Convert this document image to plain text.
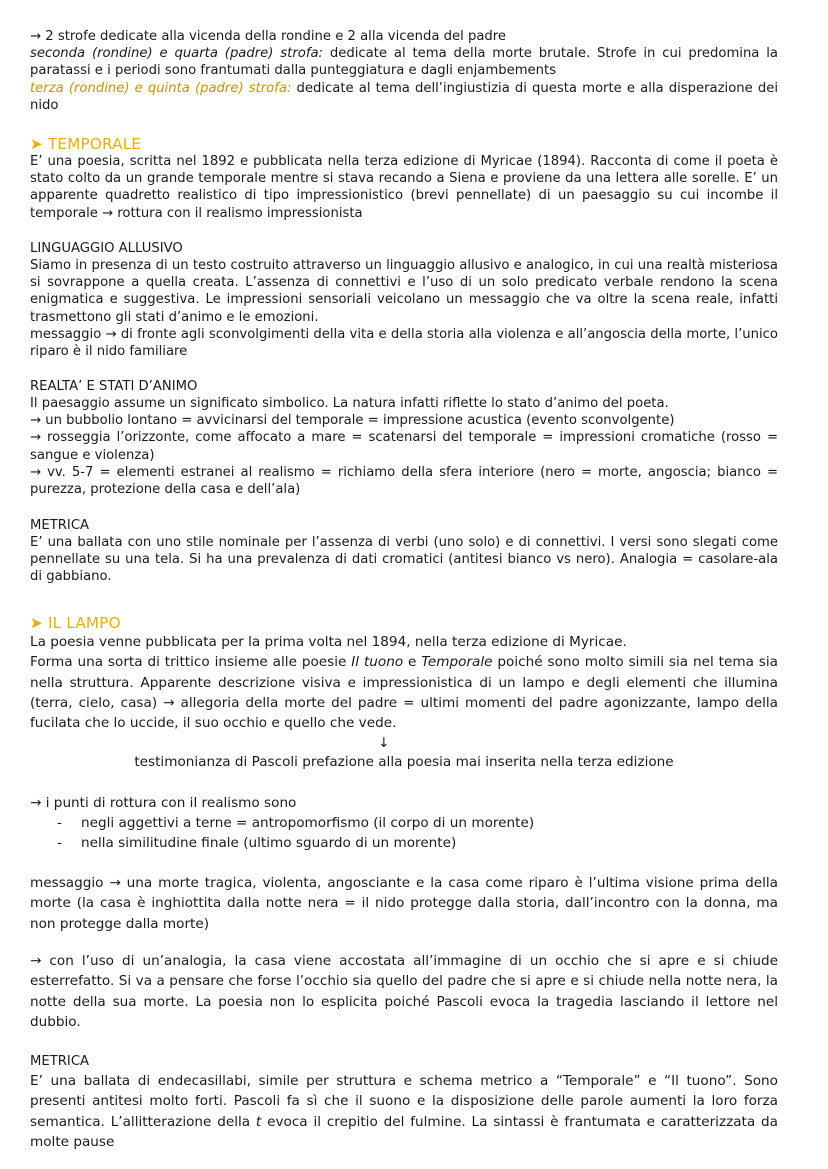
→ 2 strofe dedicate alla vicenda della rondine e 2 alla vicenda del padre

seconda (rondine) e quarta (padre) strofa: dedicate al tema della morte brutale. Strofe in cui predomina la paratassi e i periodi sono frantumati dalla punteggiatura e dagli enjambements

terza (rondine) e quinta (padre) strofa: dedicate al tema dell’ingiustizia di questa morte e alla disperazione dei nido

➤ TEMPORALE
E’ una poesia, scritta nel 1892 e pubblicata nella terza edizione di Myricae (1894). Racconta di come il poeta è stato colto da un grande temporale mentre si stava recando a Siena e proviene da una lettera alle sorelle. E’ un apparente quadretto realistico di tipo impressionistico (brevi pennellate) di un paesaggio su cui incombe il temporale → rottura con il realismo impressionista
LINGUAGGIO ALLUSIVO

Siamo in presenza di un testo costruito attraverso un linguaggio allusivo e analogico, in cui una realtà misteriosa si sovrappone a quella creata. L’assenza di connettivi e l’uso di un solo predicato verbale rendono la scena enigmatica e suggestiva. Le impressioni sensoriali veicolano un messaggio che va oltre la scena reale, infatti trasmettono gli stati d’animo e le emozioni.

messaggio → di fronte agli sconvolgimenti della vita e della storia alla violenza e all’angoscia della morte, l’unico riparo è il nido familiare

REALTA’ E STATI D’ANIMO

Il paesaggio assume un significato simbolico. La natura infatti riflette lo stato d’animo del poeta.

→ un bubbolio lontano = avvicinarsi del temporale = impressione acustica (evento sconvolgente)

→ rosseggia l’orizzonte, come affocato a mare = scatenarsi del temporale = impressioni cromatiche (rosso = sangue e violenza)

→ vv. 5-7 = elementi estranei al realismo = richiamo della sfera interiore (nero = morte, angoscia; bianco = purezza, protezione della casa e dell’ala)

METRICA
E’ una ballata con uno stile nominale per l’assenza di verbi (uno solo) e di connettivi. I versi sono slegati come pennellate su una tela. Si ha una prevalenza di dati cromatici (antitesi bianco vs nero). Analogia = casolare-ala di gabbiano.
➤ IL LAMPO

La poesia venne pubblicata per la prima volta nel 1894, nella terza edizione di Myricae.

Forma una sorta di trittico insieme alle poesie Il tuono e Temporale poiché sono molto simili sia nel tema sia nella struttura. Apparente descrizione visiva e impressionistica di un lampo e degli elementi che illumina (terra, cielo, casa) → allegoria della morte del padre = ultimi momenti del padre agonizzante, lampo della fucilata che lo uccide, il suo occhio e quello che vede.

↓
testimonianza di Pascoli prefazione alla poesia mai inserita nella terza edizione
→ i punti di rottura con il realismo sono
- negli aggettivi a terne = antropomorfismo (il corpo di un morente)
- nella similitudine finale (ultimo sguardo di un morente)
messaggio → una morte tragica, violenta, angosciante e la casa come riparo è l’ultima visione prima della morte (la casa è inghiottita dalla notte nera = il nido protegge dalla storia, dall’incontro con la donna, ma non protegge dalla morte)
→ con l’uso di un’analogia, la casa viene accostata all’immagine di un occhio che si apre e si chiude esterrefatto. Si va a pensare che forse l’occhio sia quello del padre che si apre e si chiude nella notte nera, la notte della sua morte. La poesia non lo esplicita poiché Pascoli evoca la tragedia lasciando il lettore nel dubbio.
METRICA
E’ una ballata di endecasillabi, simile per struttura e schema metrico a “Temporale” e “Il tuono”. Sono presenti antitesi molto forti. Pascoli fa sì che il suono e la disposizione delle parole aumenti la loro forza semantica. L’allitterazione della t evoca il crepitio del fulmine. La sintassi è frantumata e caratterizzata da molte pause
